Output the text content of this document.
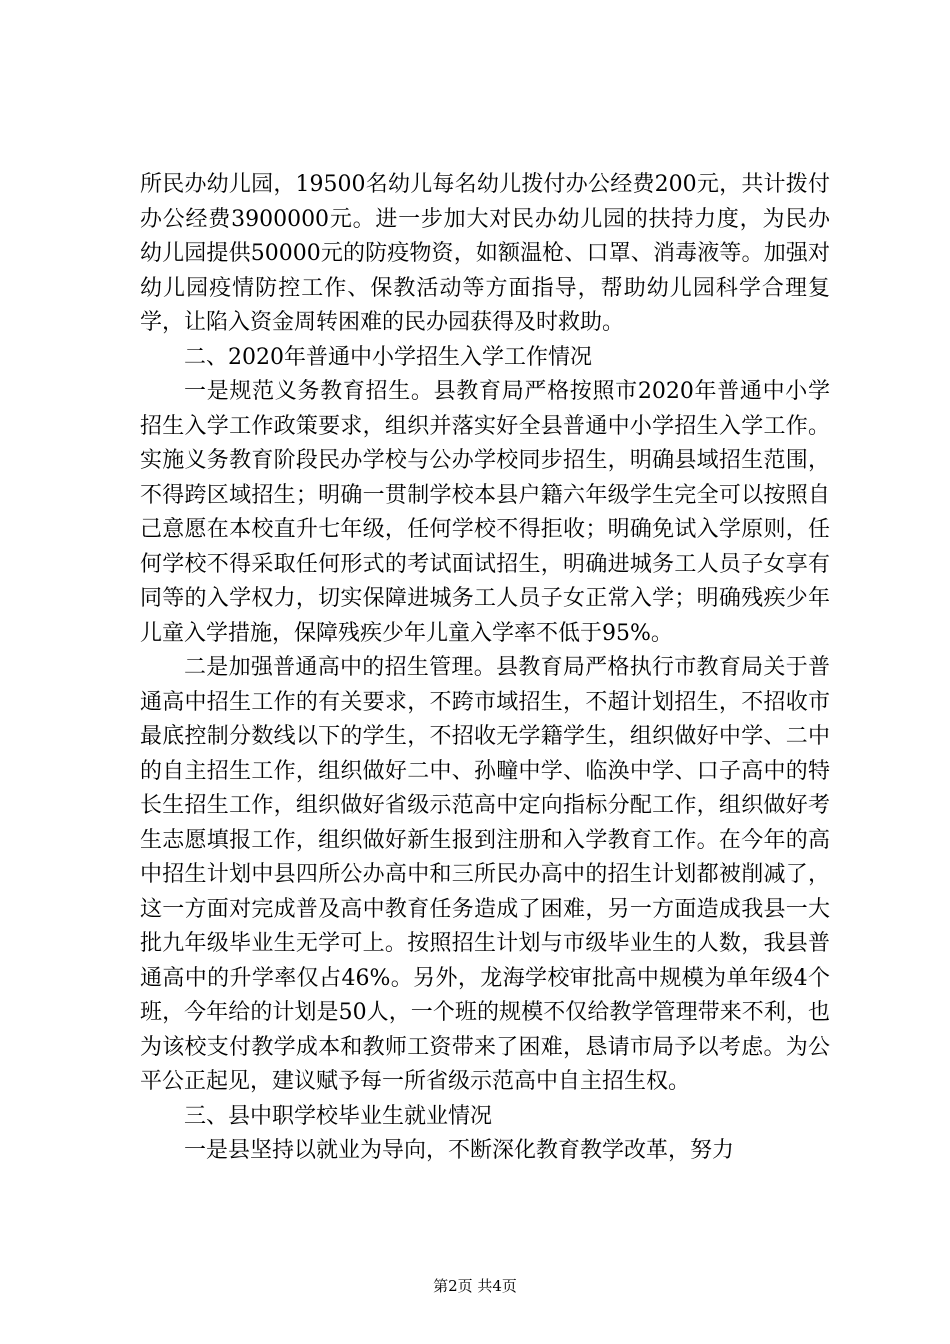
所民办幼儿园，19500名幼儿每名幼儿拨付办公经费200元，共计拨付办公经费3900000元。进一步加大对民办幼儿园的扶持力度，为民办幼儿园提供50000元的防疫物资，如额温枪、口罩、消毒液等。加强对幼儿园疫情防控工作、保教活动等方面指导，帮助幼儿园科学合理复学，让陷入资金周转困难的民办园获得及时救助。

二、2020年普通中小学招生入学工作情况

一是规范义务教育招生。县教育局严格按照市2020年普通中小学招生入学工作政策要求，组织并落实好全县普通中小学招生入学工作。实施义务教育阶段民办学校与公办学校同步招生，明确县域招生范围，不得跨区域招生；明确一贯制学校本县户籍六年级学生完全可以按照自己意愿在本校直升七年级，任何学校不得拒收；明确免试入学原则，任何学校不得采取任何形式的考试面试招生，明确进城务工人员子女享有同等的入学权力，切实保障进城务工人员子女正常入学；明确残疾少年儿童入学措施，保障残疾少年儿童入学率不低于95%。

二是加强普通高中的招生管理。县教育局严格执行市教育局关于普通高中招生工作的有关要求，不跨市域招生，不超计划招生，不招收市最底控制分数线以下的学生，不招收无学籍学生，组织做好中学、二中的自主招生工作，组织做好二中、孙疃中学、临涣中学、口子高中的特长生招生工作，组织做好省级示范高中定向指标分配工作，组织做好考生志愿填报工作，组织做好新生报到注册和入学教育工作。在今年的高中招生计划中县四所公办高中和三所民办高中的招生计划都被削减了，这一方面对完成普及高中教育任务造成了困难，另一方面造成我县一大批九年级毕业生无学可上。按照招生计划与市级毕业生的人数，我县普通高中的升学率仅占46%。另外，龙海学校审批高中规模为单年级4个班，今年给的计划是50人，一个班的规模不仅给教学管理带来不利，也为该校支付教学成本和教师工资带来了困难，恳请市局予以考虑。为公平公正起见，建议赋予每一所省级示范高中自主招生权。

三、县中职学校毕业生就业情况

一是县坚持以就业为导向，不断深化教育教学改革，努力

第2页 共4页
